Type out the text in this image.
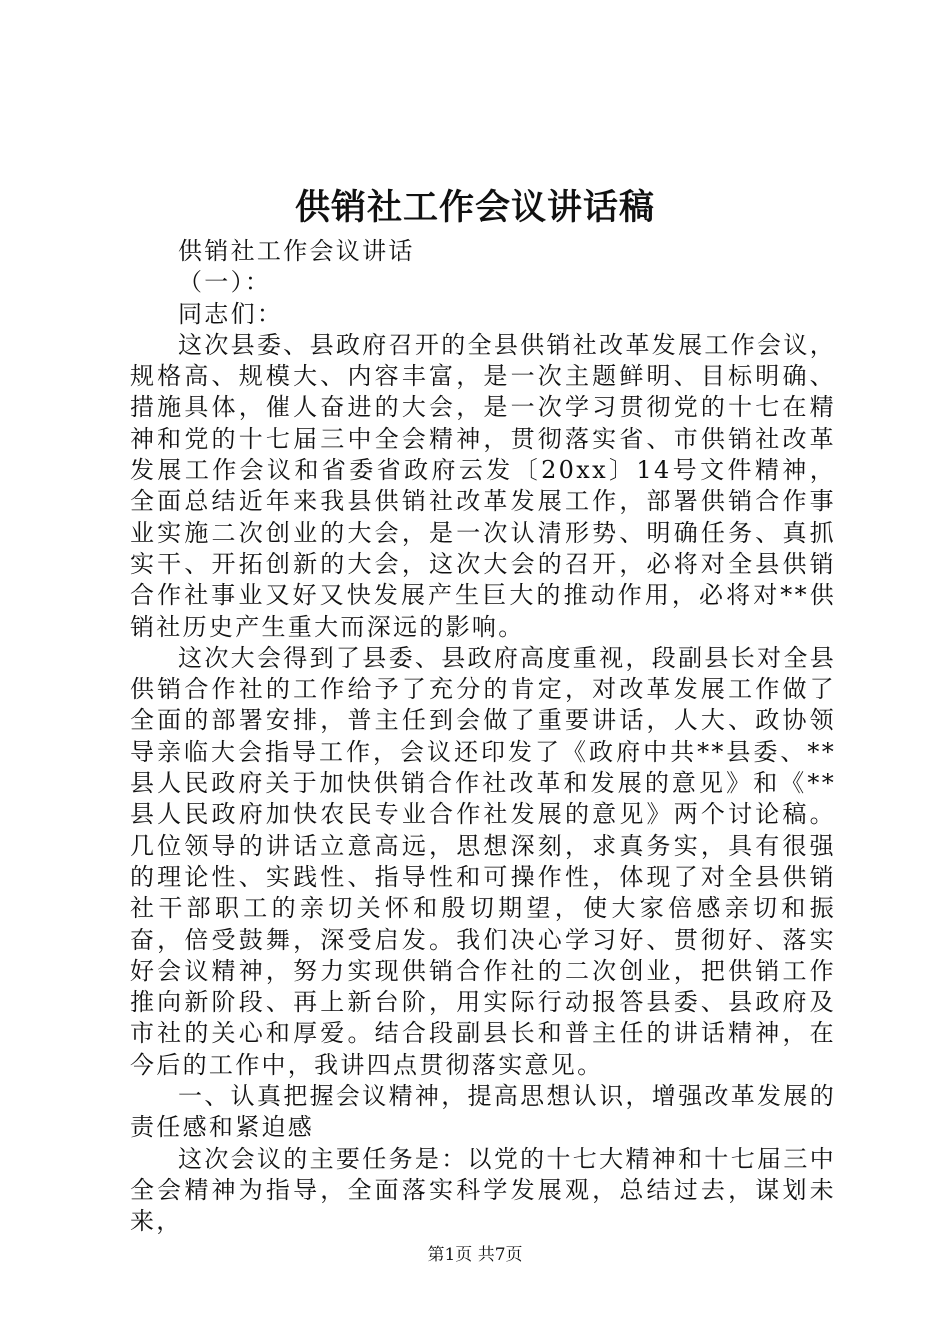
供销社工作会议讲话稿

供销社工作会议讲话

（一）：

同志们：

这次县委、县政府召开的全县供销社改革发展工作会议，规格高、规模大、内容丰富，是一次主题鲜明、目标明确、措施具体，催人奋进的大会，是一次学习贯彻党的十七在精神和党的十七届三中全会精神，贯彻落实省、市供销社改革发展工作会议和省委省政府云发〔20xx〕14号文件精神，全面总结近年来我县供销社改革发展工作，部署供销合作事业实施二次创业的大会，是一次认清形势、明确任务、真抓实干、开拓创新的大会，这次大会的召开，必将对全县供销合作社事业又好又快发展产生巨大的推动作用，必将对**供销社历史产生重大而深远的影响。

这次大会得到了县委、县政府高度重视，段副县长对全县供销合作社的工作给予了充分的肯定，对改革发展工作做了全面的部署安排，普主任到会做了重要讲话，人大、政协领导亲临大会指导工作，会议还印发了《政府中共**县委、**县人民政府关于加快供销合作社改革和发展的意见》和《**县人民政府加快农民专业合作社发展的意见》两个讨论稿。几位领导的讲话立意高远，思想深刻，求真务实，具有很强的理论性、实践性、指导性和可操作性，体现了对全县供销社干部职工的亲切关怀和殷切期望，使大家倍感亲切和振奋，倍受鼓舞，深受启发。我们决心学习好、贯彻好、落实好会议精神，努力实现供销合作社的二次创业，把供销工作推向新阶段、再上新台阶，用实际行动报答县委、县政府及市社的关心和厚爱。结合段副县长和普主任的讲话精神，在今后的工作中，我讲四点贯彻落实意见。

一、认真把握会议精神，提高思想认识，增强改革发展的责任感和紧迫感

这次会议的主要任务是：以党的十七大精神和十七届三中全会精神为指导，全面落实科学发展观，总结过去，谋划未来，

第1页 共7页
